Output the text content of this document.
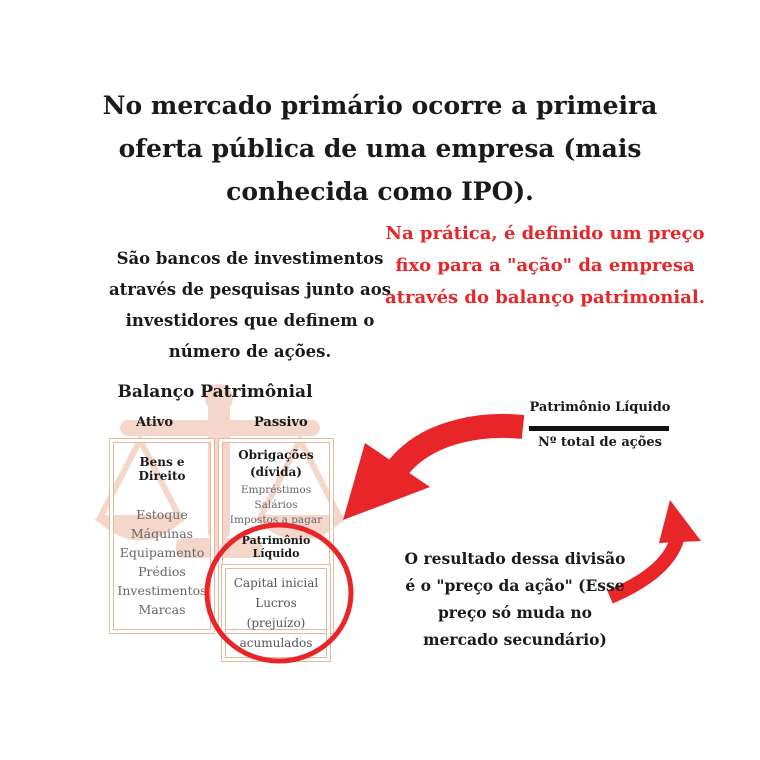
No mercado primário ocorre a primeira oferta pública de uma empresa (mais conhecida como IPO).
São bancos de investimentos através de pesquisas junto aos investidores que definem o número de ações.
Na prática, é definido um preço fixo para a "ação" da empresa através do balanço patrimonial.
Balanço Patrimônial
Ativo	Passivo
Bens e Direito
Estoque
Máquinas
Equipamento
Prédios
Investimentos
Marcas
Obrigações
(dívida)
Empréstimos
Salários
Impostos a pagar
Patrimônio Líquido
Capital inicial
Lucros (prejuízo)
acumulados
Patrimônio Líquido
Nº total de ações
O resultado dessa divisão é o "preço da ação" (Esse preço só muda no mercado secundário)
